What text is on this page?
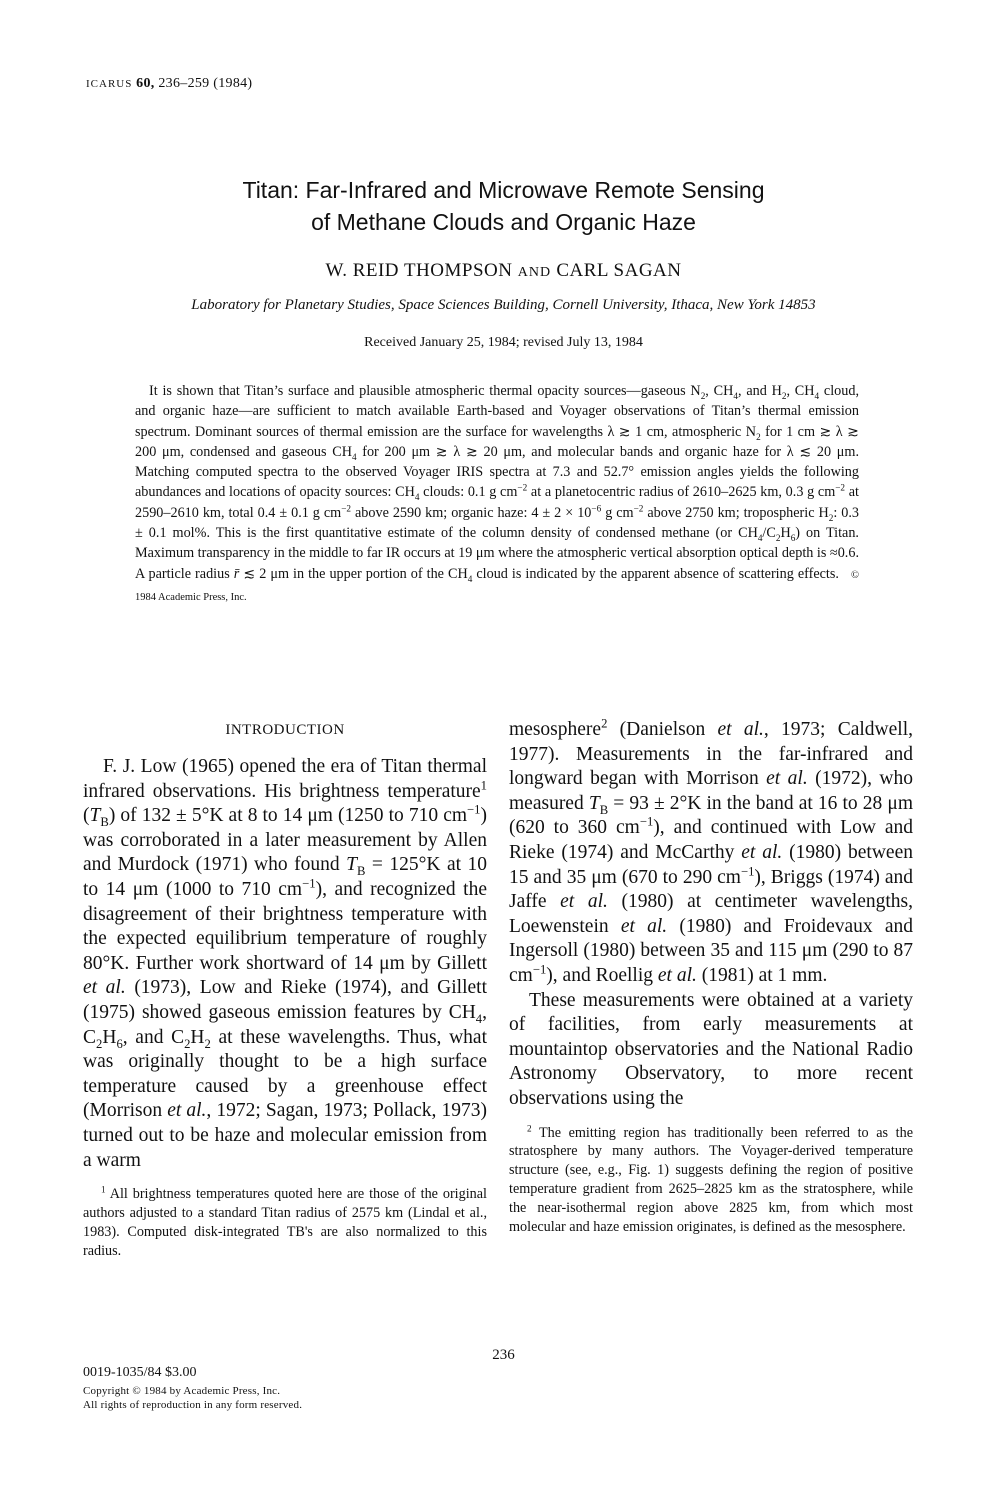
ICARUS 60, 236–259 (1984)
Titan: Far-Infrared and Microwave Remote Sensing
of Methane Clouds and Organic Haze
W. REID THOMPSON AND CARL SAGAN
Laboratory for Planetary Studies, Space Sciences Building, Cornell University, Ithaca, New York 14853
Received January 25, 1984; revised July 13, 1984

It is shown that Titan’s surface and plausible atmospheric thermal opacity sources—gaseous $N_2$, $CH_4$, and $H_2$, $CH_4$ cloud, and organic haze—are sufficient to match available Earth-based and Voyager observations of Titan’s thermal emission spectrum. Dominant sources of thermal emission are the surface for wavelengths λ ≳ 1 cm, atmospheric $N_2$ for 1 cm ≳ λ ≳ 200 μm, condensed and gaseous $CH_4$ for 200 μm ≳ λ ≳ 20 μm, and molecular bands and organic haze for λ ≲ 20 μm. Matching computed spectra to the observed Voyager IRIS spectra at 7.3 and 52.7° emission angles yields the following abundances and locations of opacity sources: $CH_4$ clouds: 0.1 g $cm^{-2}$ at a planetocentric radius of 2610–2625 km, 0.3 g $cm^{-2}$ at 2590–2610 km, total 0.4 ± 0.1 g $cm^{-2}$ above 2590 km; organic haze: $4 \pm 2 \times 10^{-6}$ g $cm^{-2}$ above 2750 km; tropospheric $H_2$: 0.3 ± 0.1 mol%. This is the first quantitative estimate of the column density of condensed methane (or $CH_4/C_2H_6$) on Titan. Maximum transparency in the middle to far IR occurs at 19 μm where the atmospheric vertical absorption optical depth is ≈0.6. A particle radius r̄ ≲ 2 μm in the upper portion of the $CH_4$ cloud is indicated by the apparent absence of scattering effects.   © 1984 Academic Press, Inc.

INTRODUCTION

F. J. Low (1965) opened the era of Titan thermal infrared observations. His brightness temperature$^1$ $(T_B)$ of 132 ± 5°K at 8 to 14 μm (1250 to 710 $cm^{-1}$) was corroborated in a later measurement by Allen and Murdock (1971) who found $T_B = 125^\circ K$ at 10 to 14 μm (1000 to 710 $cm^{-1}$), and recognized the disagreement of their brightness temperature with the expected equilibrium temperature of roughly 80°K. Further work shortward of 14 μm by Gillett et al. (1973), Low and Rieke (1974), and Gillett (1975) showed gaseous emission features by $CH_4$, $C_2H_6$, and $C_2H_2$ at these wavelengths. Thus, what was originally thought to be a high surface temperature caused by a greenhouse effect (Morrison et al., 1972; Sagan, 1973; Pollack, 1973) turned out to be haze and molecular emission from a warm

$^1$ All brightness temperatures quoted here are those of the original authors adjusted to a standard Titan radius of 2575 km (Lindal et al., 1983). Computed disk-integrated TB's are also normalized to this radius.

mesosphere$^2$ (Danielson et al., 1973; Caldwell, 1977). Measurements in the far-infrared and longward began with Morrison et al. (1972), who measured $T_B = 93 \pm 2^\circ K$ in the band at 16 to 28 μm (620 to 360 $cm^{-1}$), and continued with Low and Rieke (1974) and McCarthy et al. (1980) between 15 and 35 μm (670 to 290 $cm^{-1}$), Briggs (1974) and Jaffe et al. (1980) at centimeter wavelengths, Loewenstein et al. (1980) and Froidevaux and Ingersoll (1980) between 35 and 115 μm (290 to 87 $cm^{-1}$), and Roellig et al. (1981) at 1 mm.

These measurements were obtained at a variety of facilities, from early measurements at mountaintop observatories and the National Radio Astronomy Observatory, to more recent observations using the

$^2$ The emitting region has traditionally been referred to as the stratosphere by many authors. The Voyager-derived temperature structure (see, e.g., Fig. 1) suggests defining the region of positive temperature gradient from 2625–2825 km as the stratosphere, while the near-isothermal region above 2825 km, from which most molecular and haze emission originates, is defined as the mesosphere.

236
0019-1035/84 $3.00
Copyright © 1984 by Academic Press, Inc.
All rights of reproduction in any form reserved.
